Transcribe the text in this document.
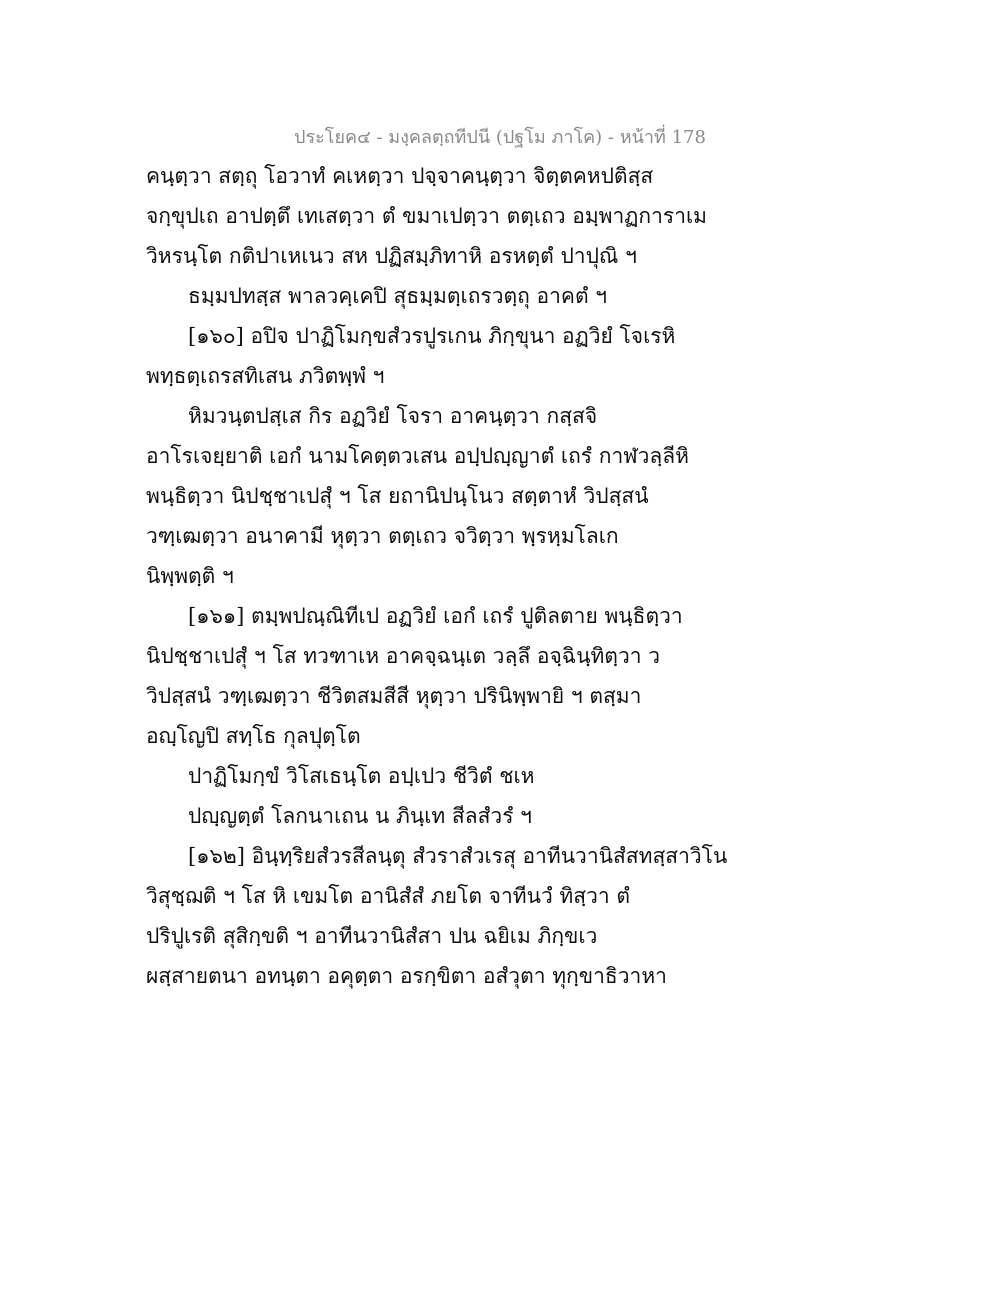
ประโยค๔ - มงฺคลตฺถทีปนี (ปฐโม ภาโค) - หน้าที่ 178
คนฺตฺวา สตฺถุ โอวาทํ คเหตฺวา ปจฺจาคนฺตฺวา จิตฺตคหปติสฺส
จกฺขุปเถ อาปตฺตึ เทเสตฺวา ตํ ขมาเปตฺวา ตตฺเถว อมฺพาฏการาเม
วิหรนฺโต กติปาเหเนว สห ปฏิสมฺภิทาหิ อรหตฺตํ ปาปุณิ ฯ
ธมฺมปทสฺส พาลวคฺเคปิ สุธมฺมตฺเถรวตฺถุ อาคตํ ฯ
[๑๖๐] อปิจ ปาฏิโมกฺขสํวรปูรเกน ภิกฺขุนา อฏวิยํ โจเรหิ
พทฺธตฺเถรสทิเสน ภวิตพฺพํ ฯ
หิมวนฺตปสฺเส กิร อฏวิยํ โจรา อาคนฺตฺวา กสฺสจิ
อาโรเจยฺยาติ เอกํ นามโคตฺตวเสน อปฺปญฺญาตํ เถรํ กาฬวลฺลีหิ
พนฺธิตฺวา นิปชฺชาเปสุํ ฯ โส ยถานิปนฺโนว สตฺตาหํ วิปสฺสนํ
วฑฺเฒตฺวา อนาคามี หุตฺวา ตตฺเถว จวิตฺวา พฺรหฺมโลเก
นิพฺพตฺติ ฯ
[๑๖๑] ตมฺพปณฺณิทีเป อฏวิยํ เอกํ เถรํ ปูติลตาย พนฺธิตฺวา
นิปชฺชาเปสุํ ฯ โส ทวฑาเห อาคจฺฉนฺเต วลฺลึ อจฺฉินฺทิตฺวา ว
วิปสฺสนํ วฑฺเฒตฺวา ชีวิตสมสีสี หุตฺวา ปรินิพฺพายิ ฯ ตสฺมา
อญฺโญปิ สทฺโธ กุลปุตฺโต
ปาฏิโมกฺขํ วิโสเธนฺโต อปฺเปว ชีวิตํ ชเห
ปญฺญตฺตํ โลกนาเถน น ภินฺเท สีลสํวรํ ฯ
[๑๖๒] อินฺทฺริยสํวรสีลนฺตุ สํวราสํวเรสุ อาทีนวานิสํสทสฺสาวิโน
วิสุชฺฌติ ฯ โส หิ เขมโต อานิสํสํ ภยโต จาทีนวํ ทิสฺวา ตํ
ปริปูเรติ สุสิกฺขติ ฯ อาทีนวานิสํสา ปน ฉยิเม ภิกฺขเว
ผสฺสายตนา อทนฺตา อคุตฺตา อรกฺขิตา อสํวุตา ทุกฺขาธิวาหา
